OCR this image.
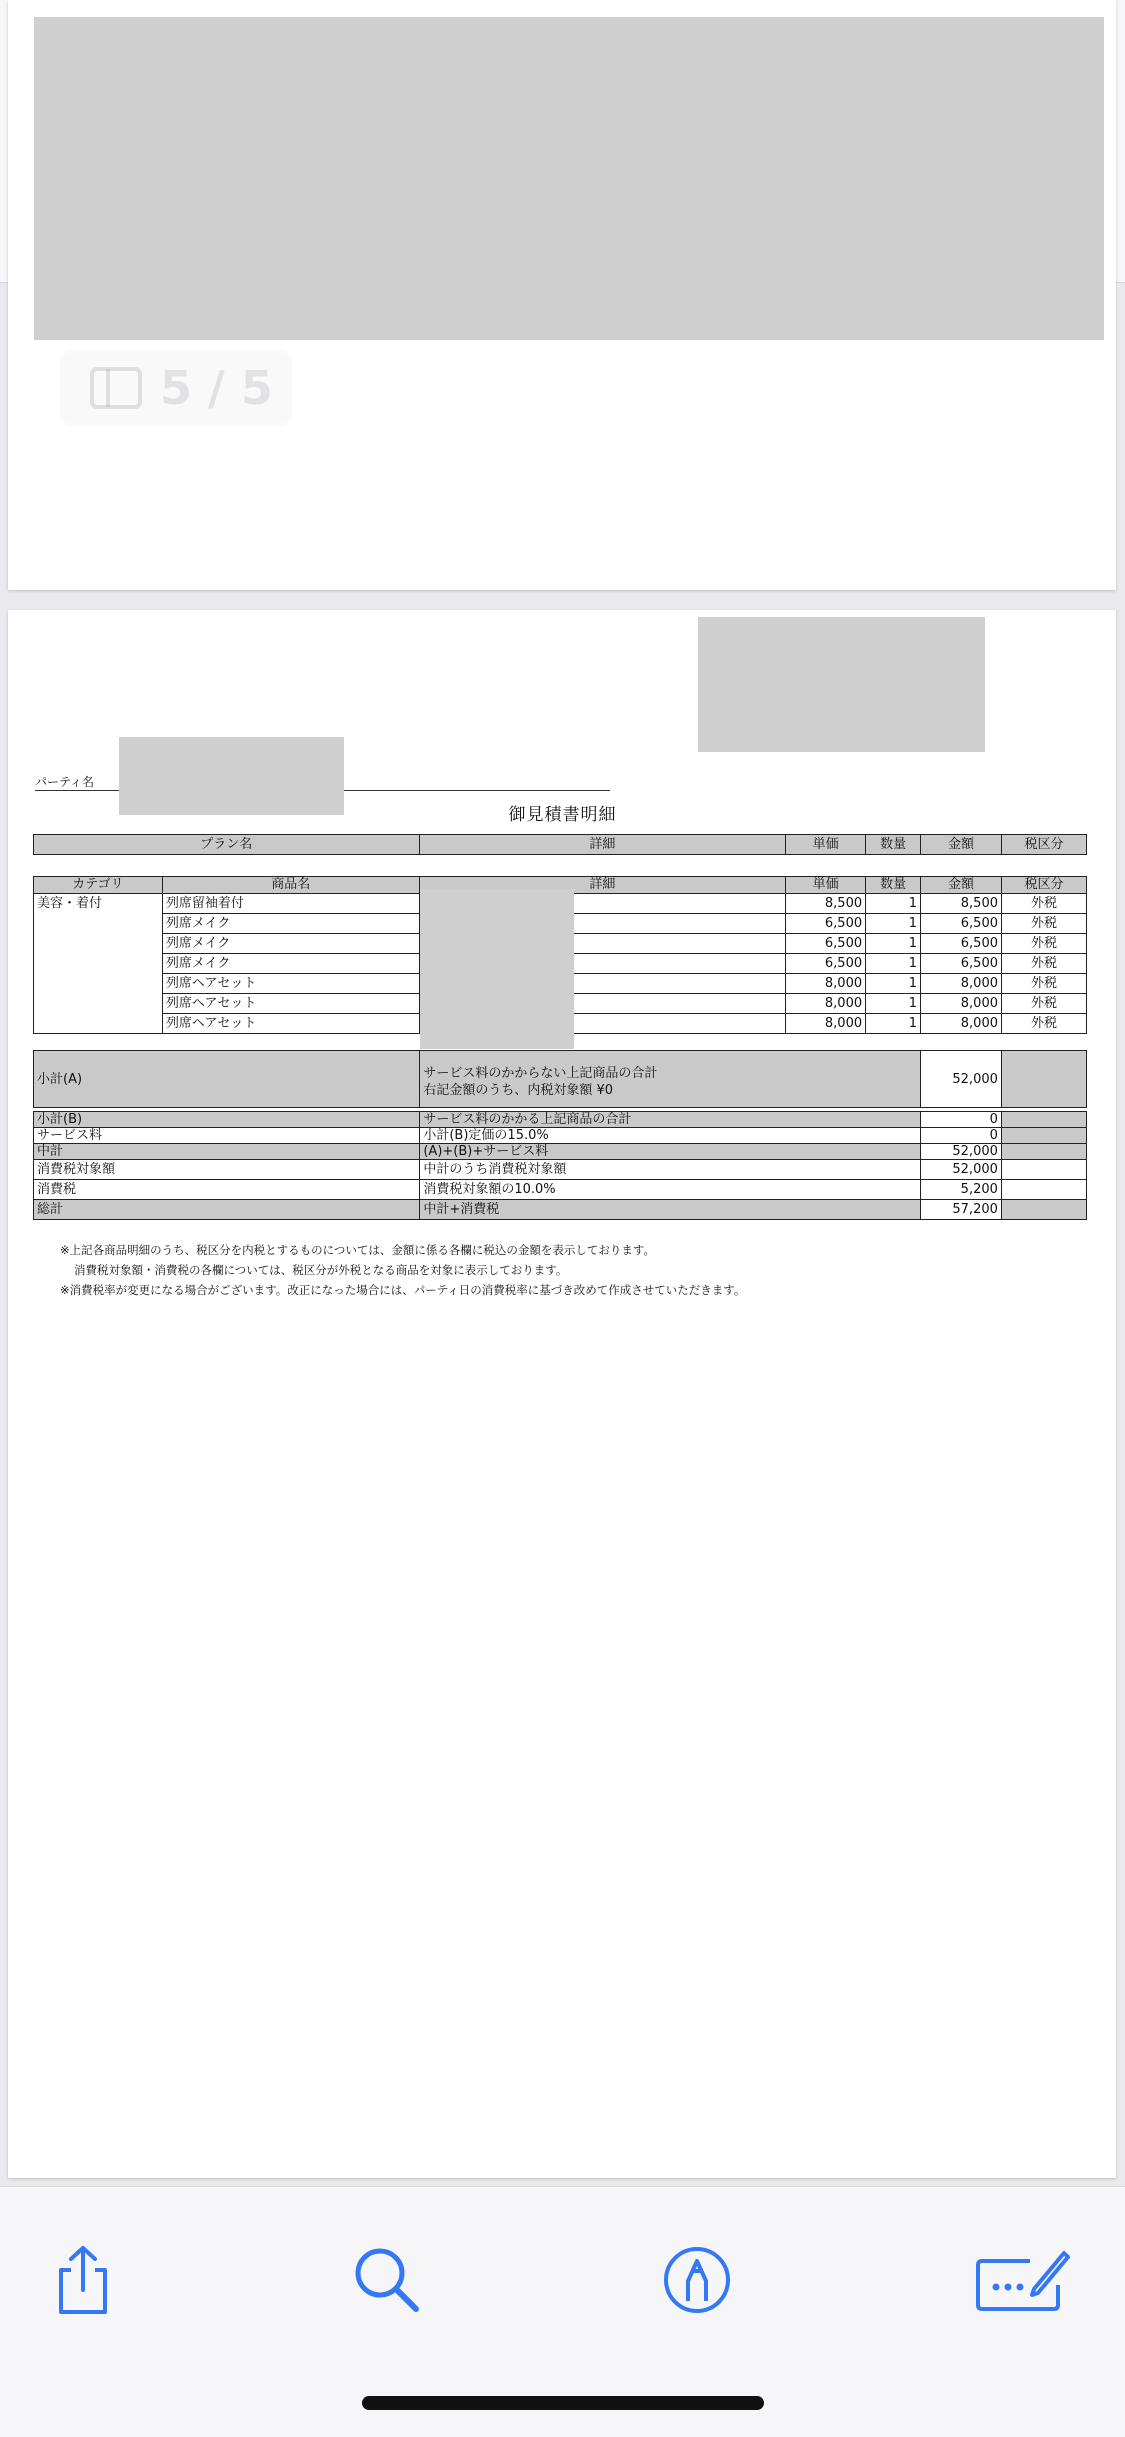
5 / 5
パーティ名
御見積書明細
プラン名	詳細	単価	数量	金額	税区分
カテゴリ	商品名	詳細	単価	数量	金額	税区分
美容・着付	列席留袖着付		8,500	1	8,500	外税
	列席メイク		6,500	1	6,500	外税
	列席メイク		6,500	1	6,500	外税
	列席メイク		6,500	1	6,500	外税
	列席ヘアセット		8,000	1	8,000	外税
	列席ヘアセット		8,000	1	8,000	外税
	列席ヘアセット		8,000	1	8,000	外税
小計(A)	サービス料のかからない上記商品の合計
右記金額のうち、内税対象額 ¥0	52,000	

小計(B)	サービス料のかかる上記商品の合計	0	
サービス料	小計(B)定価の15.0%	0	
中計	(A)+(B)+サービス料	52,000	
消費税対象額	中計のうち消費税対象額	52,000	
消費税	消費税対象額の10.0%	5,200	
総計	中計+消費税	57,200	
※上記各商品明細のうち、税区分を内税とするものについては、金額に係る各欄に税込の金額を表示しております。
消費税対象額・消費税の各欄については、税区分が外税となる商品を対象に表示しております。
※消費税率が変更になる場合がございます。改正になった場合には、パーティ日の消費税率に基づき改めて作成させていただきます。
